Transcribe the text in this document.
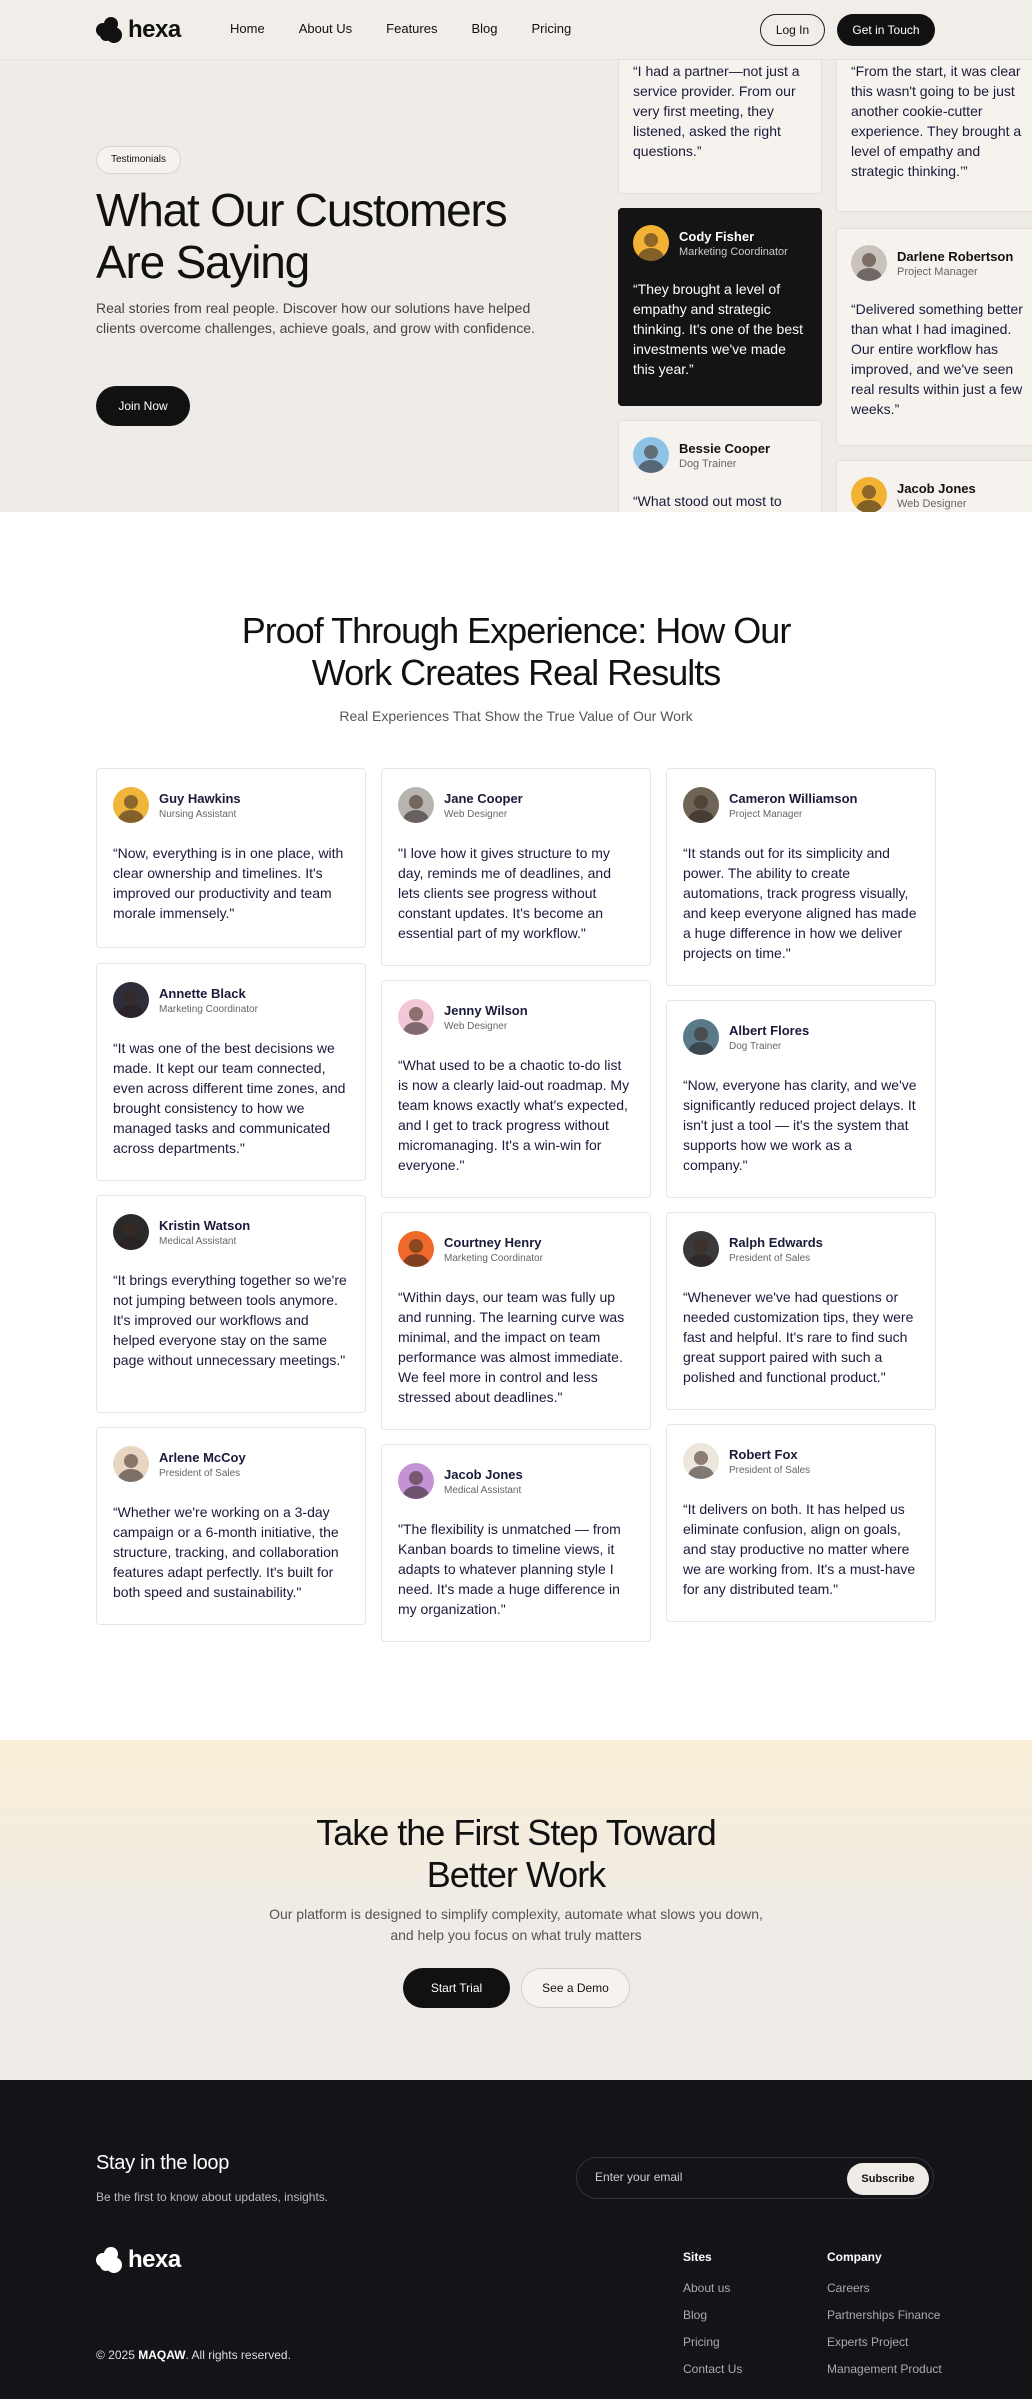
Testimonials
What Our Customers Are Saying

Real stories from real people. Discover how our solutions have helped clients overcome challenges, achieve goals, and grow with confidence.

Join Now

“I had a partner—not just a service provider. From our very first meeting, they listened, asked the right questions.”

Cody Fisher
Marketing Coordinator

“They brought a level of empathy and strategic thinking. It's one of the best investments we've made this year.”

Bessie Cooper
Dog Trainer

“What stood out most to

“From the start, it was clear this wasn't going to be just another cookie-cutter experience. They brought a level of empathy and strategic thinking.’”

Darlene Robertson
Project Manager

“Delivered something better than what I had imagined. Our entire workflow has improved, and we've seen real results within just a few weeks.”

Jacob Jones
Web Designer
hexa	Home	About Us	Features	Blog	Pricing	Log In	Get in Touch
Proof Through Experience: How Our Work Creates Real Results

Real Experiences That Show the True Value of Our Work

Guy Hawkins
Nursing Assistant

“Now, everything is in one place, with clear ownership and timelines. It's improved our productivity and team morale immensely."

Annette Black
Marketing Coordinator

“It was one of the best decisions we made. It kept our team connected, even across different time zones, and brought consistency to how we managed tasks and communicated across departments."

Kristin Watson
Medical Assistant

“It brings everything together so we're not jumping between tools anymore. It's improved our workflows and helped everyone stay on the same page without unnecessary meetings."

Arlene McCoy
President of Sales

“Whether we're working on a 3-day campaign or a 6-month initiative, the structure, tracking, and collaboration features adapt perfectly. It's built for both speed and sustainability."

Jane Cooper
Web Designer

"I love how it gives structure to my day, reminds me of deadlines, and lets clients see progress without constant updates. It's become an essential part of my workflow."

Jenny Wilson
Web Designer

“What used to be a chaotic to-do list is now a clearly laid-out roadmap. My team knows exactly what's expected, and I get to track progress without micromanaging. It's a win-win for everyone."

Courtney Henry
Marketing Coordinator

“Within days, our team was fully up and running. The learning curve was minimal, and the impact on team performance was almost immediate. We feel more in control and less stressed about deadlines."

Jacob Jones
Medical Assistant

"The flexibility is unmatched — from Kanban boards to timeline views, it adapts to whatever planning style I need. It's made a huge difference in my organization."

Cameron Williamson
Project Manager

“It stands out for its simplicity and power. The ability to create automations, track progress visually, and keep everyone aligned has made a huge difference in how we deliver projects on time."

Albert Flores
Dog Trainer

“Now, everyone has clarity, and we've significantly reduced project delays. It isn't just a tool — it's the system that supports how we work as a company."

Ralph Edwards
President of Sales

“Whenever we've had questions or needed customization tips, they were fast and helpful. It's rare to find such great support paired with such a polished and functional product."

Robert Fox
President of Sales

“It delivers on both. It has helped us eliminate confusion, align on goals, and stay productive no matter where we are working from. It's a must-have for any distributed team."

Take the First Step Toward Better Work

Our platform is designed to simplify complexity, automate what slows you down, and help you focus on what truly matters

Start Trial	See a Demo
Stay in the loop

Be the first to know about updates, insights.

Enter your email
Subscribe
hexa	Sites
About us
Blog
Pricing
Contact Us
Company
Careers
Partnerships Finance
Experts Project
Management Product

© 2025 MAQAW. All rights reserved.
